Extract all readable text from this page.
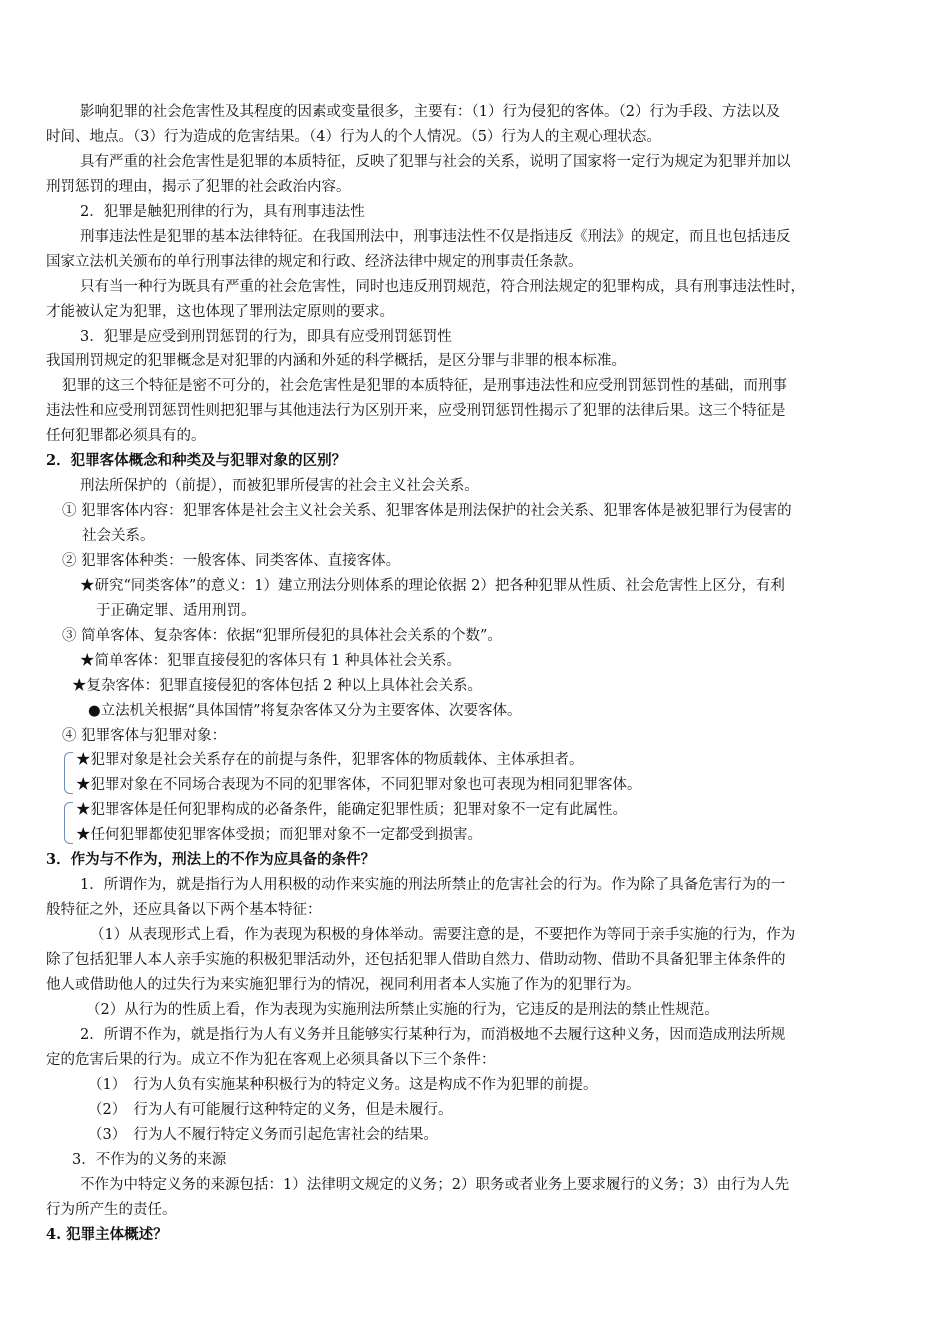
影响犯罪的社会危害性及其程度的因素或变量很多，主要有：（1）行为侵犯的客体。（2）行为手段、方法以及
时间、地点。（3）行为造成的危害结果。（4）行为人的个人情况。（5）行为人的主观心理状态。
具有严重的社会危害性是犯罪的本质特征，反映了犯罪与社会的关系，说明了国家将一定行为规定为犯罪并加以
刑罚惩罚的理由，揭示了犯罪的社会政治内容。
2．犯罪是触犯刑律的行为，具有刑事违法性
刑事违法性是犯罪的基本法律特征。在我国刑法中，刑事违法性不仅是指违反《刑法》的规定，而且也包括违反
国家立法机关颁布的单行刑事法律的规定和行政、经济法律中规定的刑事责任条款。
只有当一种行为既具有严重的社会危害性，同时也违反刑罚规范，符合刑法规定的犯罪构成，具有刑事违法性时，
才能被认定为犯罪，这也体现了罪刑法定原则的要求。
3．犯罪是应受到刑罚惩罚的行为，即具有应受刑罚惩罚性
我国刑罚规定的犯罪概念是对犯罪的内涵和外延的科学概括，是区分罪与非罪的根本标准。
犯罪的这三个特征是密不可分的，社会危害性是犯罪的本质特征，是刑事违法性和应受刑罚惩罚性的基础，而刑事
违法性和应受刑罚惩罚性则把犯罪与其他违法行为区别开来，应受刑罚惩罚性揭示了犯罪的法律后果。这三个特征是
任何犯罪都必须具有的。
2．犯罪客体概念和种类及与犯罪对象的区别？
刑法所保护的（前提），而被犯罪所侵害的社会主义社会关系。
① 犯罪客体内容：犯罪客体是社会主义社会关系、犯罪客体是刑法保护的社会关系、犯罪客体是被犯罪行为侵害的
社会关系。
② 犯罪客体种类：一般客体、同类客体、直接客体。
★研究“同类客体”的意义：1）建立刑法分则体系的理论依据 2）把各种犯罪从性质、社会危害性上区分，有利
于正确定罪、适用刑罚。
③ 简单客体、复杂客体：依据“犯罪所侵犯的具体社会关系的个数”。
★简单客体：犯罪直接侵犯的客体只有 1 种具体社会关系。
★复杂客体：犯罪直接侵犯的客体包括 2 种以上具体社会关系。
●立法机关根据“具体国情”将复杂客体又分为主要客体、次要客体。
④ 犯罪客体与犯罪对象：
★犯罪对象是社会关系存在的前提与条件，犯罪客体的物质载体、主体承担者。
★犯罪对象在不同场合表现为不同的犯罪客体，不同犯罪对象也可表现为相同犯罪客体。
★犯罪客体是任何犯罪构成的必备条件，能确定犯罪性质；犯罪对象不一定有此属性。
★任何犯罪都使犯罪客体受损；而犯罪对象不一定都受到损害。
3．作为与不作为，刑法上的不作为应具备的条件？
1．所谓作为，就是指行为人用积极的动作来实施的刑法所禁止的危害社会的行为。作为除了具备危害行为的一
般特征之外，还应具备以下两个基本特征：
（1）从表现形式上看，作为表现为积极的身体举动。需要注意的是，不要把作为等同于亲手实施的行为，作为
除了包括犯罪人本人亲手实施的积极犯罪活动外，还包括犯罪人借助自然力、借助动物、借助不具备犯罪主体条件的
他人或借助他人的过失行为来实施犯罪行为的情况，视同利用者本人实施了作为的犯罪行为。
（2）从行为的性质上看，作为表现为实施刑法所禁止实施的行为，它违反的是刑法的禁止性规范。
2．所谓不作为，就是指行为人有义务并且能够实行某种行为，而消极地不去履行这种义务，因而造成刑法所规
定的危害后果的行为。成立不作为犯在客观上必须具备以下三个条件：
（1）　行为人负有实施某种积极行为的特定义务。这是构成不作为犯罪的前提。
（2）　行为人有可能履行这种特定的义务，但是未履行。
（3）　行为人不履行特定义务而引起危害社会的结果。
3．不作为的义务的来源
不作为中特定义务的来源包括：1）法律明文规定的义务；2）职务或者业务上要求履行的义务；3）由行为人先
行为所产生的责任。
4. 犯罪主体概述？
